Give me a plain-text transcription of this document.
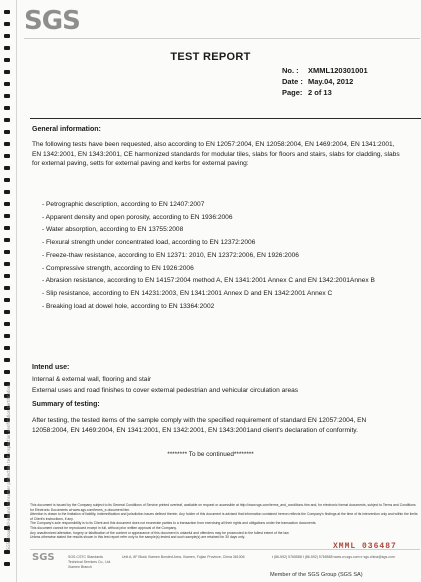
SGS Group all-around consumer protection test inspection verification certification
SGS
TEST REPORT
No. :	XMML120301001
Date : May.04, 2012
Page: 2 of 13
General information:
The following tests have been requested, also according to EN 12057:2004, EN 12058:2004, EN 1469:2004, EN 1341:2001, EN 1342:2001, EN 1343:2001, CE harmonized standards for modular tiles, slabs for floors and stairs, slabs for cladding, slabs for external paving, setts for external paving and kerbs for external paving:
- Petrographic description, according to EN 12407:2007
- Apparent density and open porosity, according to EN 1936:2006
- Water absorption, according to EN 13755:2008
- Flexural strength under concentrated load, according to EN 12372:2006
- Freeze-thaw resistance, according to EN 12371: 2010, EN 12372:2006, EN 1926:2006
- Compressive strength, according to EN 1926:2006
- Abrasion resistance, according to EN 14157:2004 method A, EN 1341:2001 Annex C and EN 1342:2001Annex B
- Slip resistance, according to EN 14231:2003, EN 1341:2001 Annex D and EN 1342:2001 Annex C
- Breaking load at dowel hole, according to EN 13364:2002
Intend use:
Internal & external wall, flooring and stair
External uses and road finishes to cover external pedestrian and vehicular circulation areas
Summary of testing:
After testing, the tested items of the sample comply with the specified requirement of standard EN 12057:2004, EN 12058:2004, EN 1469:2004, EN 1341:2001, EN 1342:2001, EN 1343:2001and client's declaration of conformity.
******** To be continued********

This document is issued by the Company subject to its General Conditions of Service printed overleaf, available on request or accessible at http://www.sgs.com/terms_and_conditions.htm and, for electronic format documents, subject to Terms and Conditions for Electronic Documents at www.sgs.com/terms_e-document.htm.

Attention is drawn to the limitation of liability, indemnification and jurisdiction issues defined therein. Any holder of this document is advised that information contained hereon reflects the Company's findings at the time of its intervention only and within the limits of Client's instructions, if any.

The Company's sole responsibility is to its Client and this document does not exonerate parties to a transaction from exercising all their rights and obligations under the transaction documents.

This document cannot be reproduced except in full, without prior written approval of the Company.

Any unauthorized alteration, forgery or falsification of the content or appearance of this document is unlawful and offenders may be prosecuted to the fullest extent of the law.

Unless otherwise stated the results shown in this test report refer only to the sample(s) tested and such sample(s) are retained for 30 days only.

XMML 036487
SGS	SGS-CSTC Standards Technical Services Co., Ltd. Xiamen Branch
Unit A, 6F Block Xiamen Bonded Area, Xiamen, Fujian Province, China 361006	t (86-592) 5765588 f (86-592) 5765588 www.cn.sgs.com e sgs.china@sgs.com
Member of the SGS Group (SGS SA)
